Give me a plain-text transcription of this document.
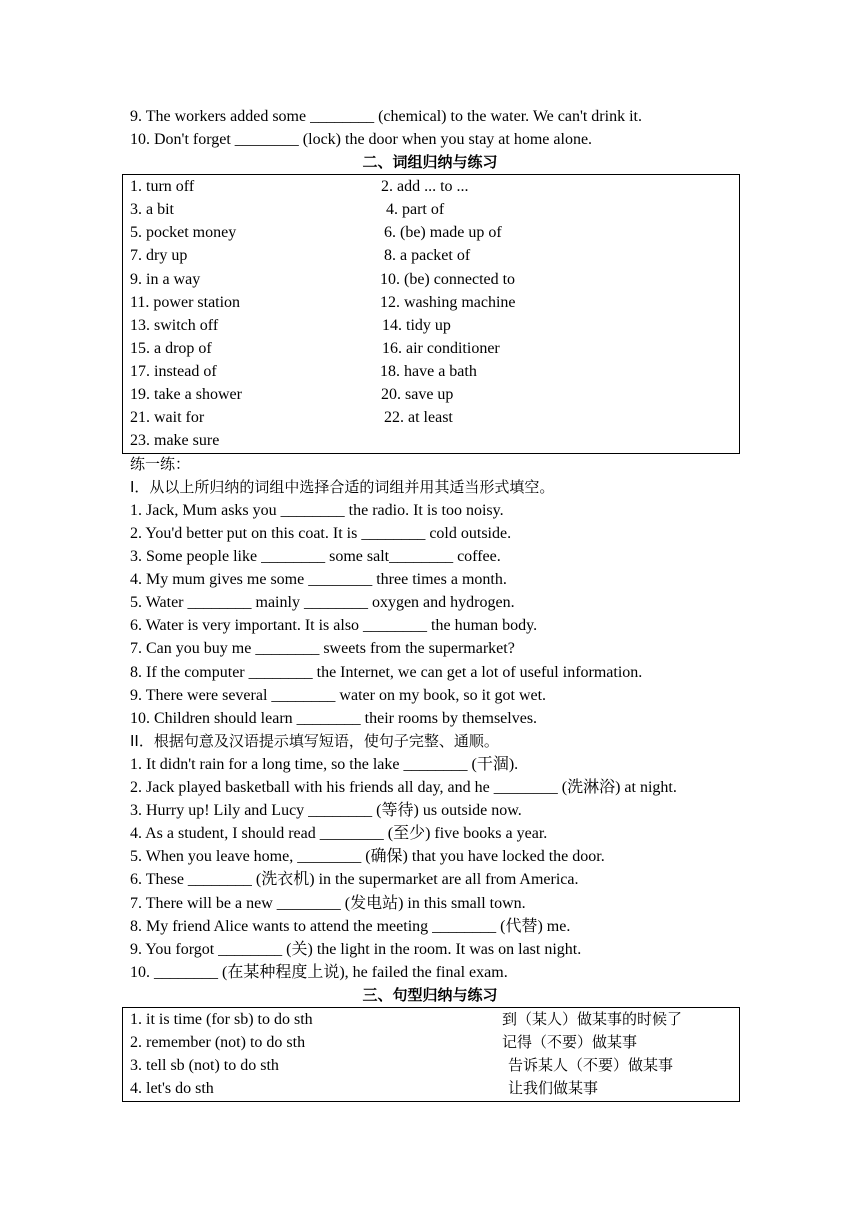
9. The workers added some ________ (chemical) to the water. We can't drink it.
10. Don't forget ________ (lock) the door when you stay at home alone.
二、词组归纳与练习
1. turn off	2. add ... to ...
3. a bit	4. part of
5. pocket money	6. (be) made up of
7. dry up	8. a packet of
9. in a way	10. (be) connected to
11. power station	12. washing machine
13. switch off	14. tidy up
15. a drop of	16. air conditioner
17. instead of	18. have a bath
19. take a shower	20. save up
21. wait for	22. at least
23. make sure
练一练：
I．从以上所归纳的词组中选择合适的词组并用其适当形式填空。
1. Jack, Mum asks you ________ the radio. It is too noisy.
2. You'd better put on this coat. It is ________ cold outside.
3. Some people like ________ some salt________ coffee.
4. My mum gives me some ________ three times a month.
5. Water ________ mainly ________ oxygen and hydrogen.
6. Water is very important. It is also ________ the human body.
7. Can you buy me ________ sweets from the supermarket?
8. If the computer ________ the Internet, we can get a lot of useful information.
9. There were several ________ water on my book, so it got wet.
10. Children should learn ________ their rooms by themselves.
II．根据句意及汉语提示填写短语，使句子完整、通顺。
1. It didn't rain for a long time, so the lake ________ (干涸).
2. Jack played basketball with his friends all day, and he ________ (洗淋浴) at night.
3. Hurry up! Lily and Lucy ________ (等待) us outside now.
4. As a student, I should read ________ (至少) five books a year.
5. When you leave home, ________ (确保) that you have locked the door.
6. These ________ (洗衣机) in the supermarket are all from America.
7. There will be a new ________ (发电站) in this small town.
8. My friend Alice wants to attend the meeting ________ (代替) me.
9. You forgot ________ (关) the light in the room. It was on last night.
10. ________ (在某种程度上说), he failed the final exam.
三、句型归纳与练习
1. it is time (for sb) to do sth	到（某人）做某事的时候了
2. remember (not) to do sth	记得（不要）做某事
3. tell sb (not) to do sth	告诉某人（不要）做某事
4. let's do sth	让我们做某事
